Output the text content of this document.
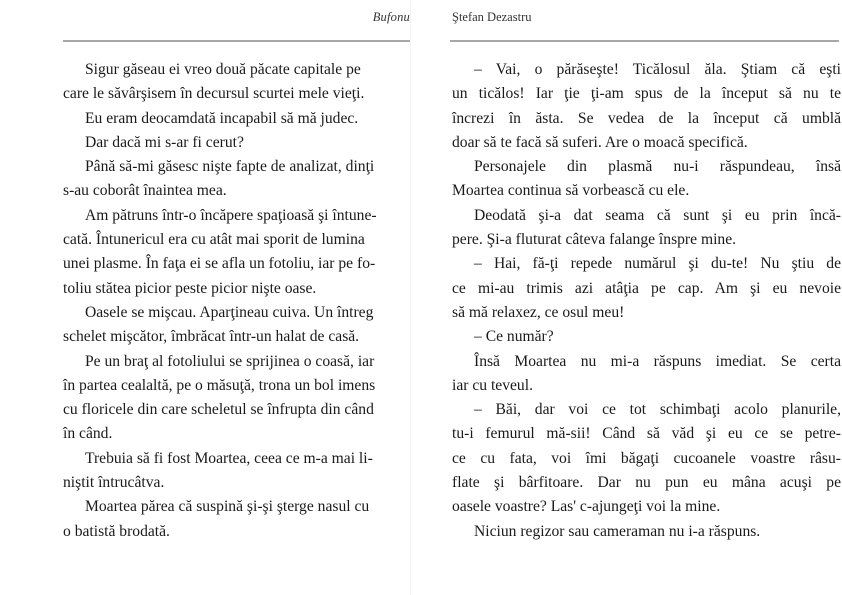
Bufonu
Sigur găseau ei vreo două păcate capitale pe
care le săvârşisem în decursul scurtei mele vieţi.
Eu eram deocamdată incapabil să mă judec.
Dar dacă mi s-ar fi cerut?
Până să-mi găsesc nişte fapte de analizat, dinţi
s-au coborât înaintea mea.
Am pătruns într-o încăpere spaţioasă şi întune-
cată. Întunericul era cu atât mai sporit de lumina
unei plasme. În faţa ei se afla un fotoliu, iar pe fo-
toliu stătea picior peste picior nişte oase.
Oasele se mişcau. Aparţineau cuiva. Un întreg
schelet mişcător, îmbrăcat într-un halat de casă.
Pe un braţ al fotoliului se sprijinea o coasă, iar
în partea cealaltă, pe o măsuţă, trona un bol imens
cu floricele din care scheletul se înfrupta din când
în când.
Trebuia să fi fost Moartea, ceea ce m-a mai li-
niştit întrucâtva.
Moartea părea că suspină şi-şi şterge nasul cu
o batistă brodată.
Ştefan Dezastru
– Vai, o părăseşte! Ticălosul ăla. Ştiam că eşti
un ticălos! Iar ţie ţi-am spus de la început să nu te
încrezi în ăsta. Se vedea de la început că umblă
doar să te facă să suferi. Are o moacă specifică.
Personajele din plasmă nu-i răspundeau, însă
Moartea continua să vorbească cu ele.
Deodată şi-a dat seama că sunt şi eu prin încă-
pere. Şi-a fluturat câteva falange înspre mine.
– Hai, fă-ţi repede numărul şi du-te! Nu ştiu de
ce mi-au trimis azi atâţia pe cap. Am şi eu nevoie
să mă relaxez, ce osul meu!
– Ce număr?
Însă Moartea nu mi-a răspuns imediat. Se certa
iar cu teveul.
– Băi, dar voi ce tot schimbaţi acolo planurile,
tu-i femurul mă-sii! Când să văd şi eu ce se petre-
ce cu fata, voi îmi băgaţi cucoanele voastre râsu-
flate şi bârfitoare. Dar nu pun eu mâna acuşi pe
oasele voastre? Las' c-ajungeţi voi la mine.
Niciun regizor sau cameraman nu i-a răspuns.
